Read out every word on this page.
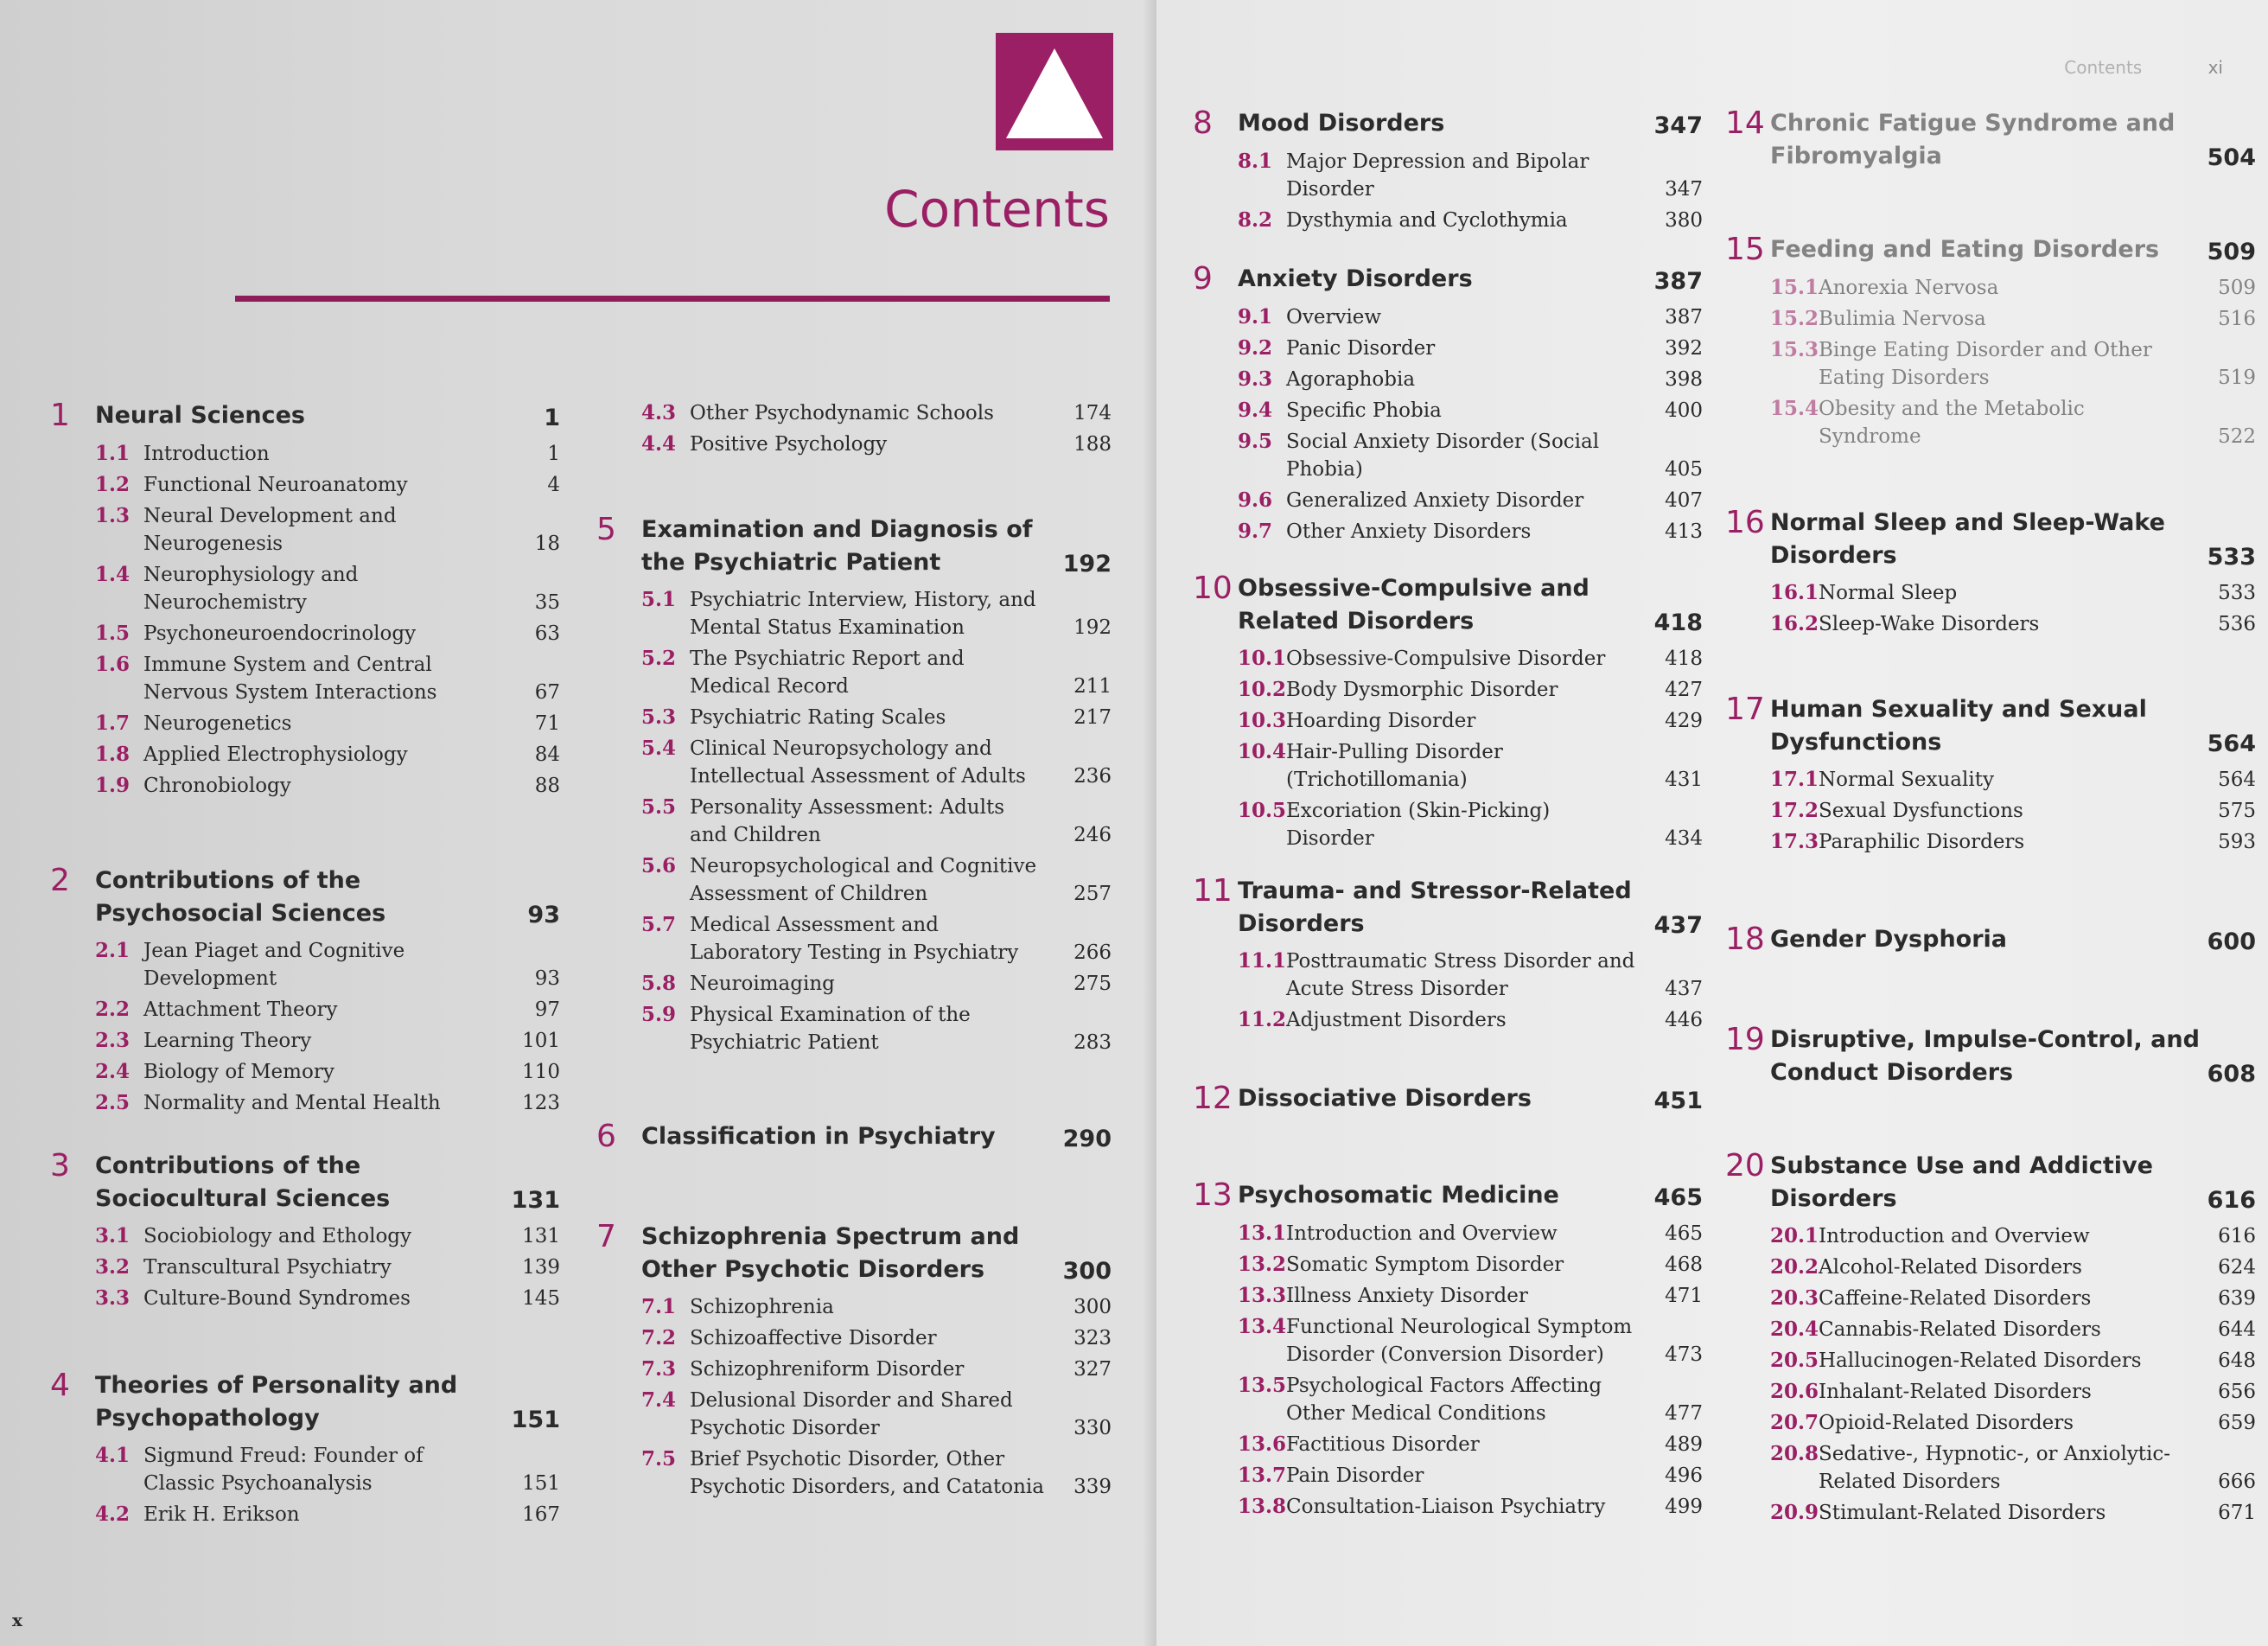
Contents
1	Neural Sciences	1
1.1 Introduction	1
1.2 Functional Neuroanatomy	4
1.3 Neural Development and Neurogenesis	18
1.4 Neurophysiology and Neurochemistry	35
1.5 Psychoneuroendocrinology	63
1.6 Immune System and Central Nervous System Interactions	67
1.7 Neurogenetics	71
1.8 Applied Electrophysiology	84
1.9 Chronobiology	88
2	Contributions of the Psychosocial Sciences	93
2.1 Jean Piaget and Cognitive Development	93
2.2 Attachment Theory	97
2.3 Learning Theory	101
2.4 Biology of Memory	110
2.5 Normality and Mental Health	123
3	Contributions of the Sociocultural Sciences	131
3.1 Sociobiology and Ethology	131
3.2 Transcultural Psychiatry	139
3.3 Culture-Bound Syndromes	145
4	Theories of Personality and Psychopathology	151
4.1 Sigmund Freud: Founder of Classic Psychoanalysis	151
4.2 Erik H. Erikson	167
4.3 Other Psychodynamic Schools	174
4.4 Positive Psychology	188
5	Examination and Diagnosis of the Psychiatric Patient	192
5.1 Psychiatric Interview, History, and Mental Status Examination	192
5.2 The Psychiatric Report and Medical Record	211
5.3 Psychiatric Rating Scales	217
5.4 Clinical Neuropsychology and Intellectual Assessment of Adults	236
5.5 Personality Assessment: Adults and Children	246
5.6 Neuropsychological and Cognitive Assessment of Children	257
5.7 Medical Assessment and Laboratory Testing in Psychiatry	266
5.8 Neuroimaging	275
5.9 Physical Examination of the Psychiatric Patient	283
6	Classification in Psychiatry	290
7	Schizophrenia Spectrum and Other Psychotic Disorders	300
7.1 Schizophrenia	300
7.2 Schizoaffective Disorder	323
7.3 Schizophreniform Disorder	327
7.4 Delusional Disorder and Shared Psychotic Disorder	330
7.5 Brief Psychotic Disorder, Other Psychotic Disorders, and Catatonia	339
x
Contents	xi
8	Mood Disorders	347
8.1 Major Depression and Bipolar Disorder	347
8.2 Dysthymia and Cyclothymia	380
9	Anxiety Disorders	387
9.1 Overview	387
9.2 Panic Disorder	392
9.3 Agoraphobia	398
9.4 Specific Phobia	400
9.5 Social Anxiety Disorder (Social Phobia)	405
9.6 Generalized Anxiety Disorder	407
9.7 Other Anxiety Disorders	413
10 Obsessive-Compulsive and Related Disorders	418
10.1 Obsessive-Compulsive Disorder	418
10.2 Body Dysmorphic Disorder	427
10.3 Hoarding Disorder	429
10.4 Hair-Pulling Disorder (Trichotillomania)	431
10.5 Excoriation (Skin-Picking) Disorder	434
11 Trauma- and Stressor-Related Disorders	437
11.1 Posttraumatic Stress Disorder and Acute Stress Disorder	437
11.2 Adjustment Disorders	446
12 Dissociative Disorders	451
13 Psychosomatic Medicine	465
13.1 Introduction and Overview	465
13.2 Somatic Symptom Disorder	468
13.3 Illness Anxiety Disorder	471
13.4 Functional Neurological Symptom Disorder (Conversion Disorder)	473
13.5 Psychological Factors Affecting Other Medical Conditions	477
13.6 Factitious Disorder	489
13.7 Pain Disorder	496
13.8 Consultation-Liaison Psychiatry	499
14 Chronic Fatigue Syndrome and Fibromyalgia	504
15 Feeding and Eating Disorders	509
15.1 Anorexia Nervosa	509
15.2 Bulimia Nervosa	516
15.3 Binge Eating Disorder and Other Eating Disorders	519
15.4 Obesity and the Metabolic Syndrome	522
16 Normal Sleep and Sleep-Wake Disorders	533
16.1 Normal Sleep	533
16.2 Sleep-Wake Disorders	536
17 Human Sexuality and Sexual Dysfunctions	564
17.1 Normal Sexuality	564
17.2 Sexual Dysfunctions	575
17.3 Paraphilic Disorders	593
18 Gender Dysphoria	600
19 Disruptive, Impulse-Control, and Conduct Disorders	608
20 Substance Use and Addictive Disorders	616
20.1 Introduction and Overview	616
20.2 Alcohol-Related Disorders	624
20.3 Caffeine-Related Disorders	639
20.4 Cannabis-Related Disorders	644
20.5 Hallucinogen-Related Disorders	648
20.6 Inhalant-Related Disorders	656
20.7 Opioid-Related Disorders	659
20.8 Sedative-, Hypnotic-, or Anxiolytic-Related Disorders	666
20.9 Stimulant-Related Disorders	671
